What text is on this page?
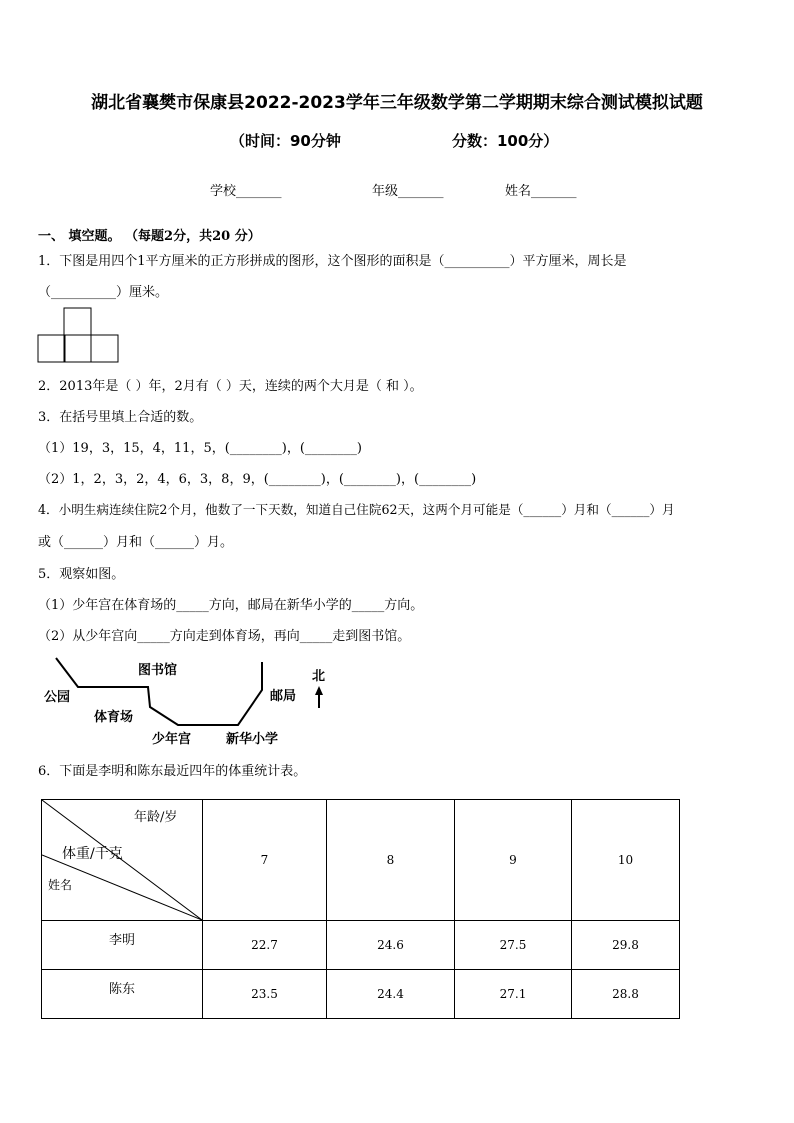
湖北省襄樊市保康县2022-2023学年三年级数学第二学期期末综合测试模拟试题
（时间：90分钟	分数：100分）
学校_______	年级_______	姓名_______
一、 填空题。 （每题2分，共20 分）
1．下图是用四个1平方厘米的正方形拼成的图形，这个图形的面积是（__________）平方厘米，周长是
（__________）厘米。
2．2013年是（ ）年，2月有（ ）天，连续的两个大月是（ 和 ）。
3．在括号里填上合适的数。
（1）19，3，15，4，11，5，(________)，(________)
（2）1，2，3，2，4，6，3，8，9，(________)，(________)，(________)
4．小明生病连续住院2个月，他数了一下天数，知道自己住院62天，这两个月可能是（______）月和（______）月
或（______）月和（______）月。
5．观察如图。
（1）少年宫在体育场的_____方向，邮局在新华小学的_____方向。
（2）从少年宫向_____方向走到体育场，再向_____走到图书馆。
公园
图书馆
体育场
少年宫	新华小学
邮局
北
6．下面是李明和陈东最近四年的体重统计表。
年龄/岁
体重/千克
姓名	7	8	9	10
李明	22.7	24.6	27.5	29.8
陈东	23.5	24.4	27.1	28.8
